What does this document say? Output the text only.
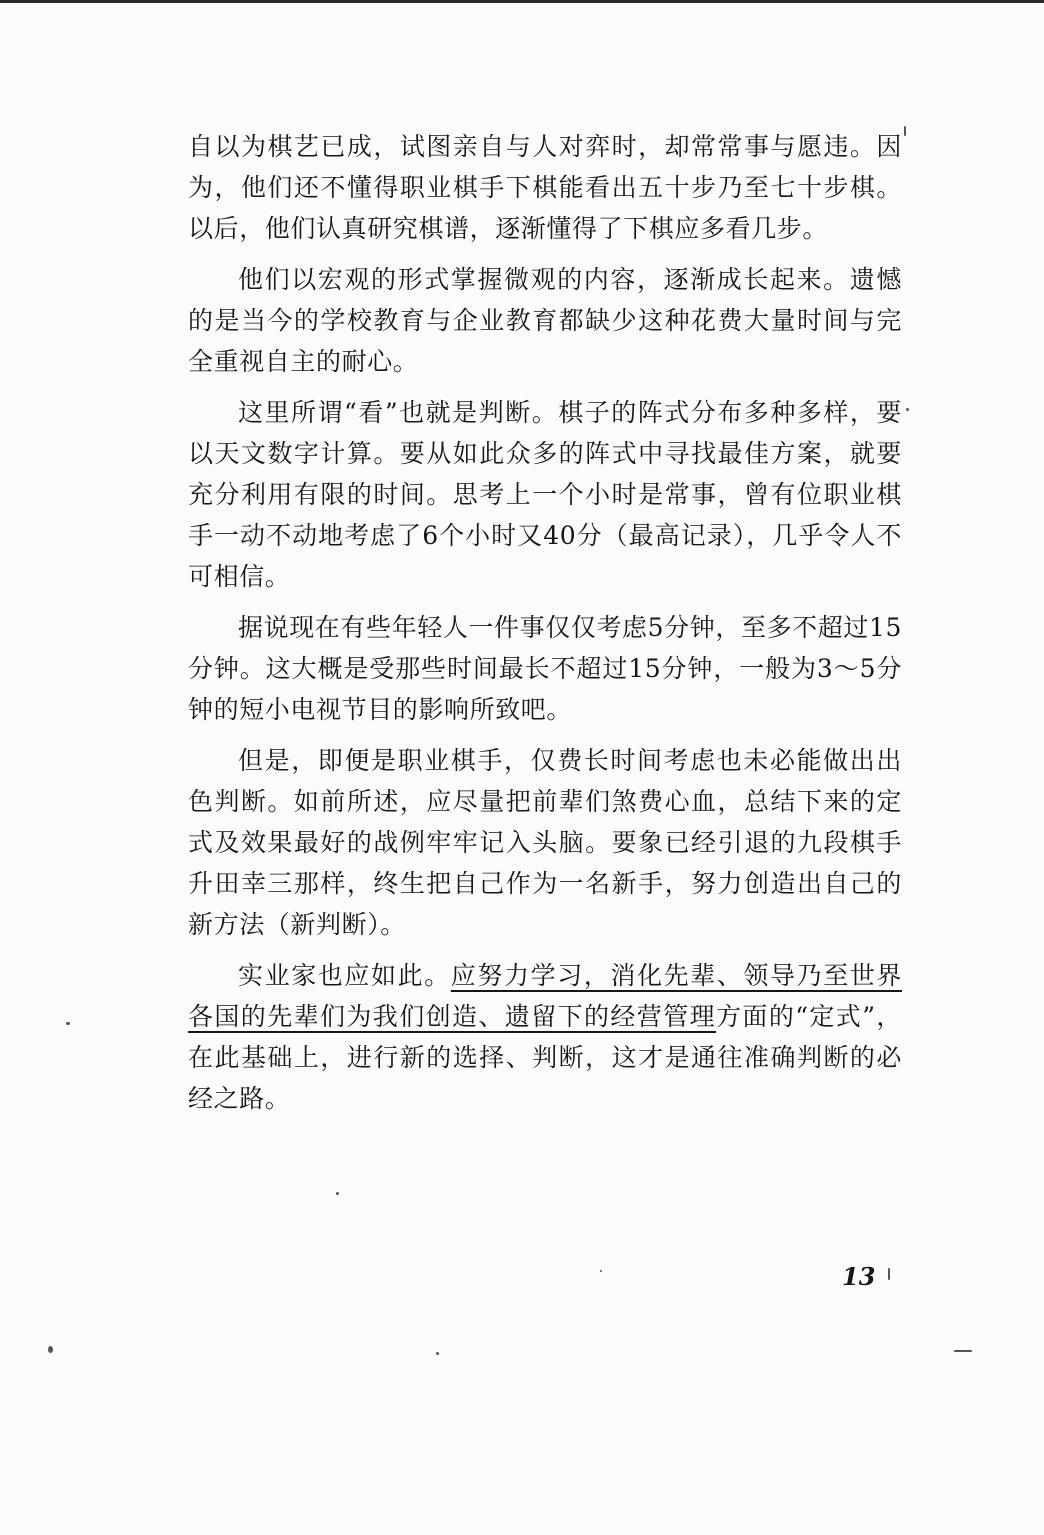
自以为棋艺已成，试图亲自与人对弈时，却常常事与愿违。因为，他们还不懂得职业棋手下棋能看出五十步乃至七十步棋。以后，他们认真研究棋谱，逐渐懂得了下棋应多看几步。

他们以宏观的形式掌握微观的内容，逐渐成长起来。遗憾的是当今的学校教育与企业教育都缺少这种花费大量时间与完全重视自主的耐心。

这里所谓“看”也就是判断。棋子的阵式分布多种多样，要以天文数字计算。要从如此众多的阵式中寻找最佳方案，就要充分利用有限的时间。思考上一个小时是常事，曾有位职业棋手一动不动地考虑了6个小时又40分（最高记录），几乎令人不可相信。

据说现在有些年轻人一件事仅仅考虑5分钟，至多不超过15分钟。这大概是受那些时间最长不超过15分钟，一般为3～5分钟的短小电视节目的影响所致吧。

但是，即便是职业棋手，仅费长时间考虑也未必能做出出色判断。如前所述，应尽量把前辈们煞费心血，总结下来的定式及效果最好的战例牢牢记入头脑。要象已经引退的九段棋手升田幸三那样，终生把自己作为一名新手，努力创造出自己的新方法（新判断）。

实业家也应如此。应努力学习，消化先辈、领导乃至世界各国的先辈们为我们创造、遗留下的经营管理方面的“定式”，在此基础上，进行新的选择、判断，这才是通往准确判断的必经之路。

13
